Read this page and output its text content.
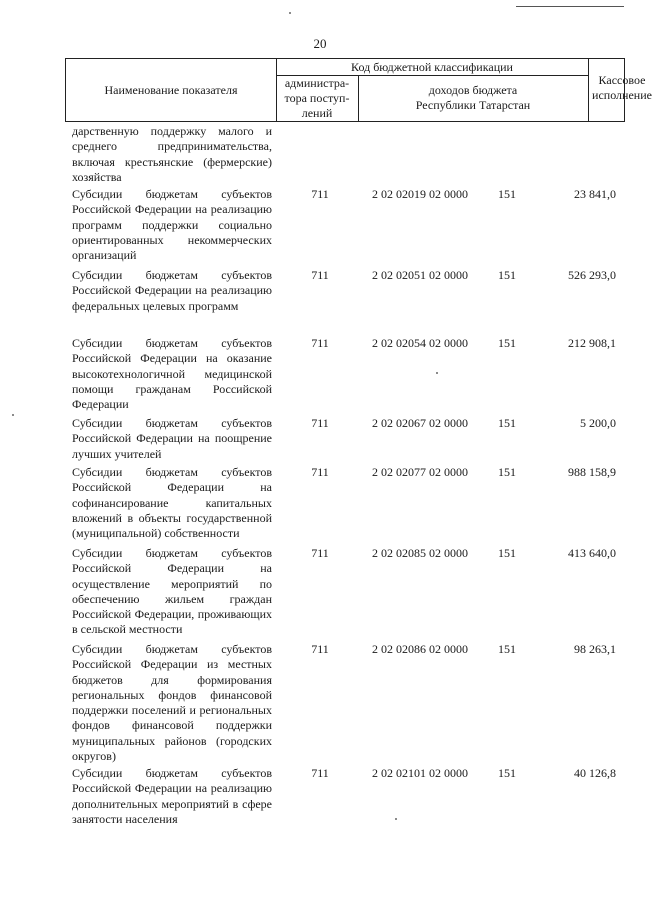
20
Наименование показателя
Код бюджетной классификации
администра-тора поступ-лений
доходов бюджета Республики Татарстан
Кассовое исполнение
дарственную поддержку малого и среднего предпринимательства, включая крестьянские (фермерские) хозяйства
Субсидии бюджетам субъектов Российской Федерации на реализацию программ поддержки социально ориентированных некоммерческих организаций
711	2 02 02019 02 0000	151	23 841,0
Субсидии бюджетам субъектов Российской Федерации на реализацию федеральных целевых программ
711	2 02 02051 02 0000	151	526 293,0
Субсидии бюджетам субъектов Российской Федерации на оказание высокотехнологичной медицинской помощи гражданам Российской Федерации
711	2 02 02054 02 0000	151	212 908,1
Субсидии бюджетам субъектов Российской Федерации на поощрение лучших учителей
711	2 02 02067 02 0000	151	5 200,0
Субсидии бюджетам субъектов Российской Федерации на софинансирование капитальных вложений в объекты государственной (муниципальной) собственности
711	2 02 02077 02 0000	151	988 158,9
Субсидии бюджетам субъектов Российской Федерации на осуществление мероприятий по обеспечению жильем граждан Российской Федерации, проживающих в сельской местности
711	2 02 02085 02 0000	151	413 640,0
Субсидии бюджетам субъектов Российской Федерации из местных бюджетов для формирования региональных фондов финансовой поддержки поселений и региональных фондов финансовой поддержки муниципальных районов (городских округов)
711	2 02 02086 02 0000	151	98 263,1
Субсидии бюджетам субъектов Российской Федерации на реализацию дополнительных мероприятий в сфере занятости населения
711	2 02 02101 02 0000	151	40 126,8
